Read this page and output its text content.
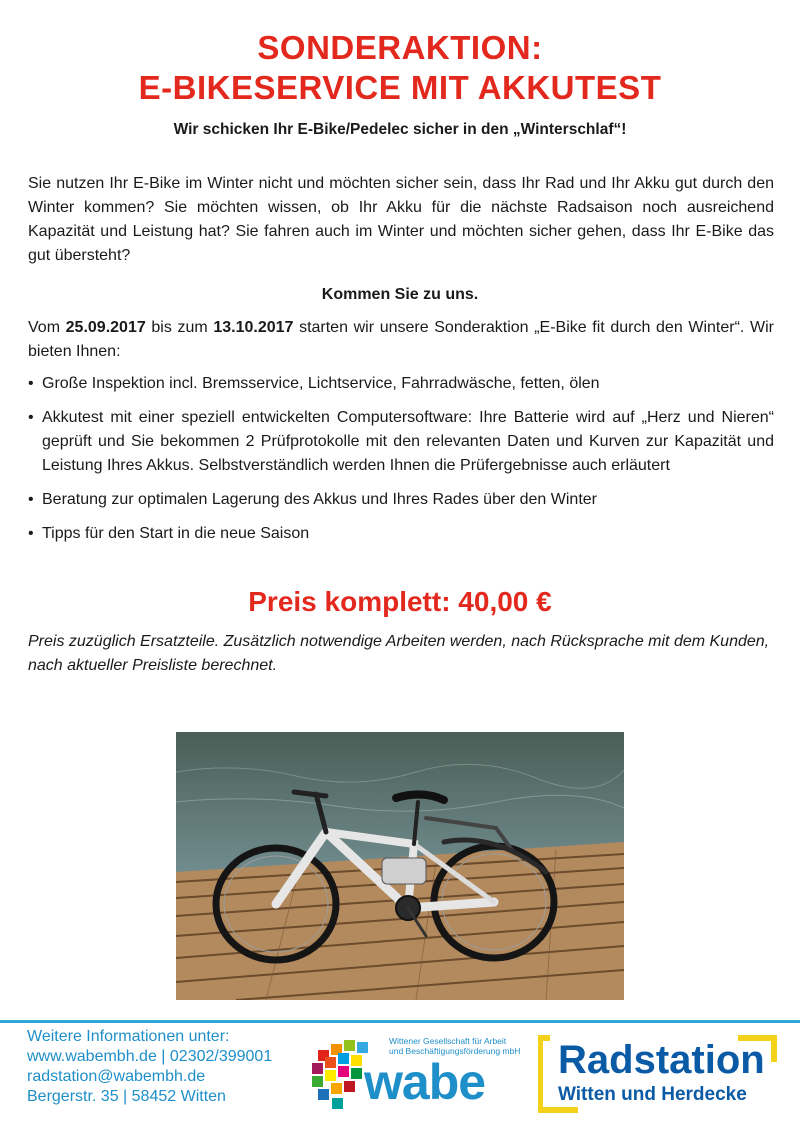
SONDERAKTION:
E-BIKESERVICE MIT AKKUTEST
Wir schicken Ihr E-Bike/Pedelec sicher in den „Winterschlaf“!
Sie nutzen Ihr E-Bike im Winter nicht und möchten sicher sein, dass Ihr Rad und Ihr Akku gut durch den Winter kommen? Sie möchten wissen, ob Ihr Akku für die nächste Radsaison noch ausreichend Kapazität und Leistung hat? Sie fahren auch im Winter und möchten sicher gehen, dass Ihr E-Bike das gut übersteht?
Kommen Sie zu uns.
Vom 25.09.2017 bis zum 13.10.2017 starten wir unsere Sonderaktion „E-Bike fit durch den Winter“. Wir bieten Ihnen:
• Große Inspektion incl. Bremsservice, Lichtservice, Fahrradwäsche, fetten, ölen
• Akkutest mit einer speziell entwickelten Computersoftware: Ihre Batterie wird auf „Herz und Nieren“ geprüft und Sie bekommen 2 Prüfprotokolle mit den relevanten Daten und Kurven zur Kapazität und Leistung Ihres Akkus. Selbstverständlich werden Ihnen die Prüfergebnisse auch erläutert
• Beratung zur optimalen Lagerung des Akkus und Ihres Rades über den Winter
• Tipps für den Start in die neue Saison
Preis komplett: 40,00 €
Preis zuzüglich Ersatzteile. Zusätzlich notwendige Arbeiten werden, nach Rücksprache mit dem Kunden, nach aktueller Preisliste berechnet.
Weitere Informationen unter:
www.wabembh.de | 02302/399001
radstation@wabembh.de
Bergerstr. 35 | 58452 Witten
Wittener Gesellschaft für Arbeit
und Beschäftigungsförderung mbH
wabe Radstation
Witten und Herdecke
